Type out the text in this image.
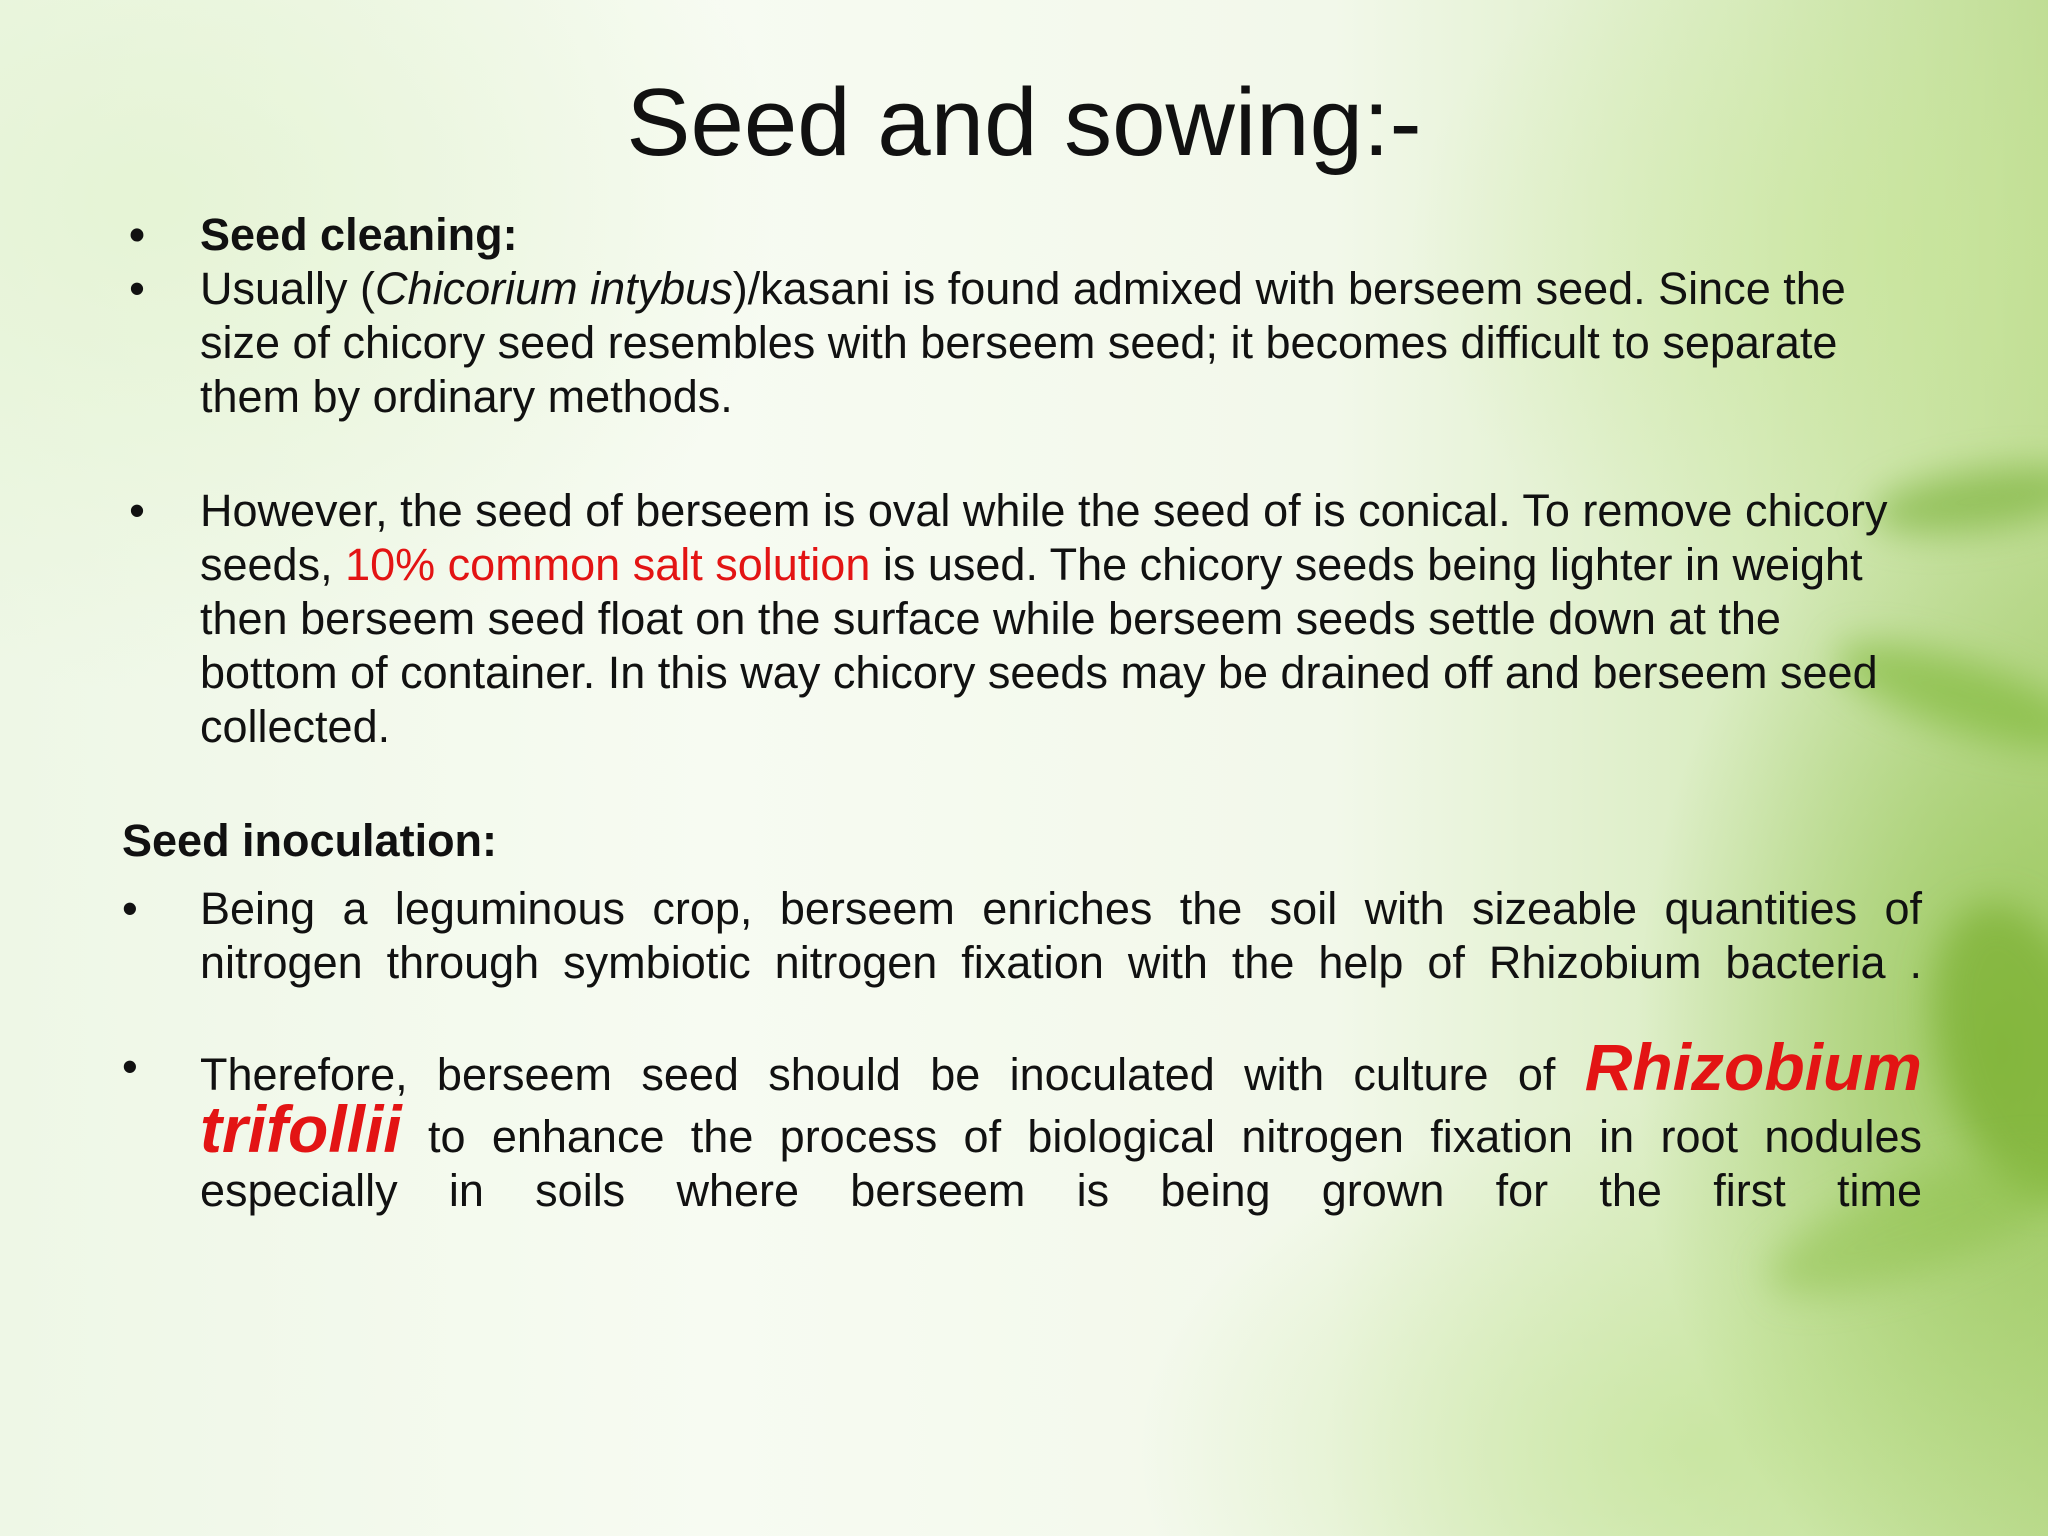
Seed and sowing:-
• Seed cleaning:
• Usually (Chicorium intybus)/kasani is found admixed with berseem seed. Since the size of chicory seed resembles with berseem seed; it becomes difficult to separate them by ordinary methods.
• However, the seed of berseem is oval while the seed of is conical. To remove chicory seeds, 10% common salt solution is used. The chicory seeds being lighter in weight then berseem seed float on the surface while berseem seeds settle down at the bottom of container. In this way chicory seeds may be drained off and berseem seed collected.
Seed inoculation:
•	Being a leguminous crop, berseem enriches the soil with sizeable quantities of nitrogen through symbiotic nitrogen fixation with the help of Rhizobium bacteria .
•	Therefore, berseem seed should be inoculated with culture of Rhizobium trifollii to enhance the process of biological nitrogen fixation in root nodules especially in soils where berseem is being grown for the first time
